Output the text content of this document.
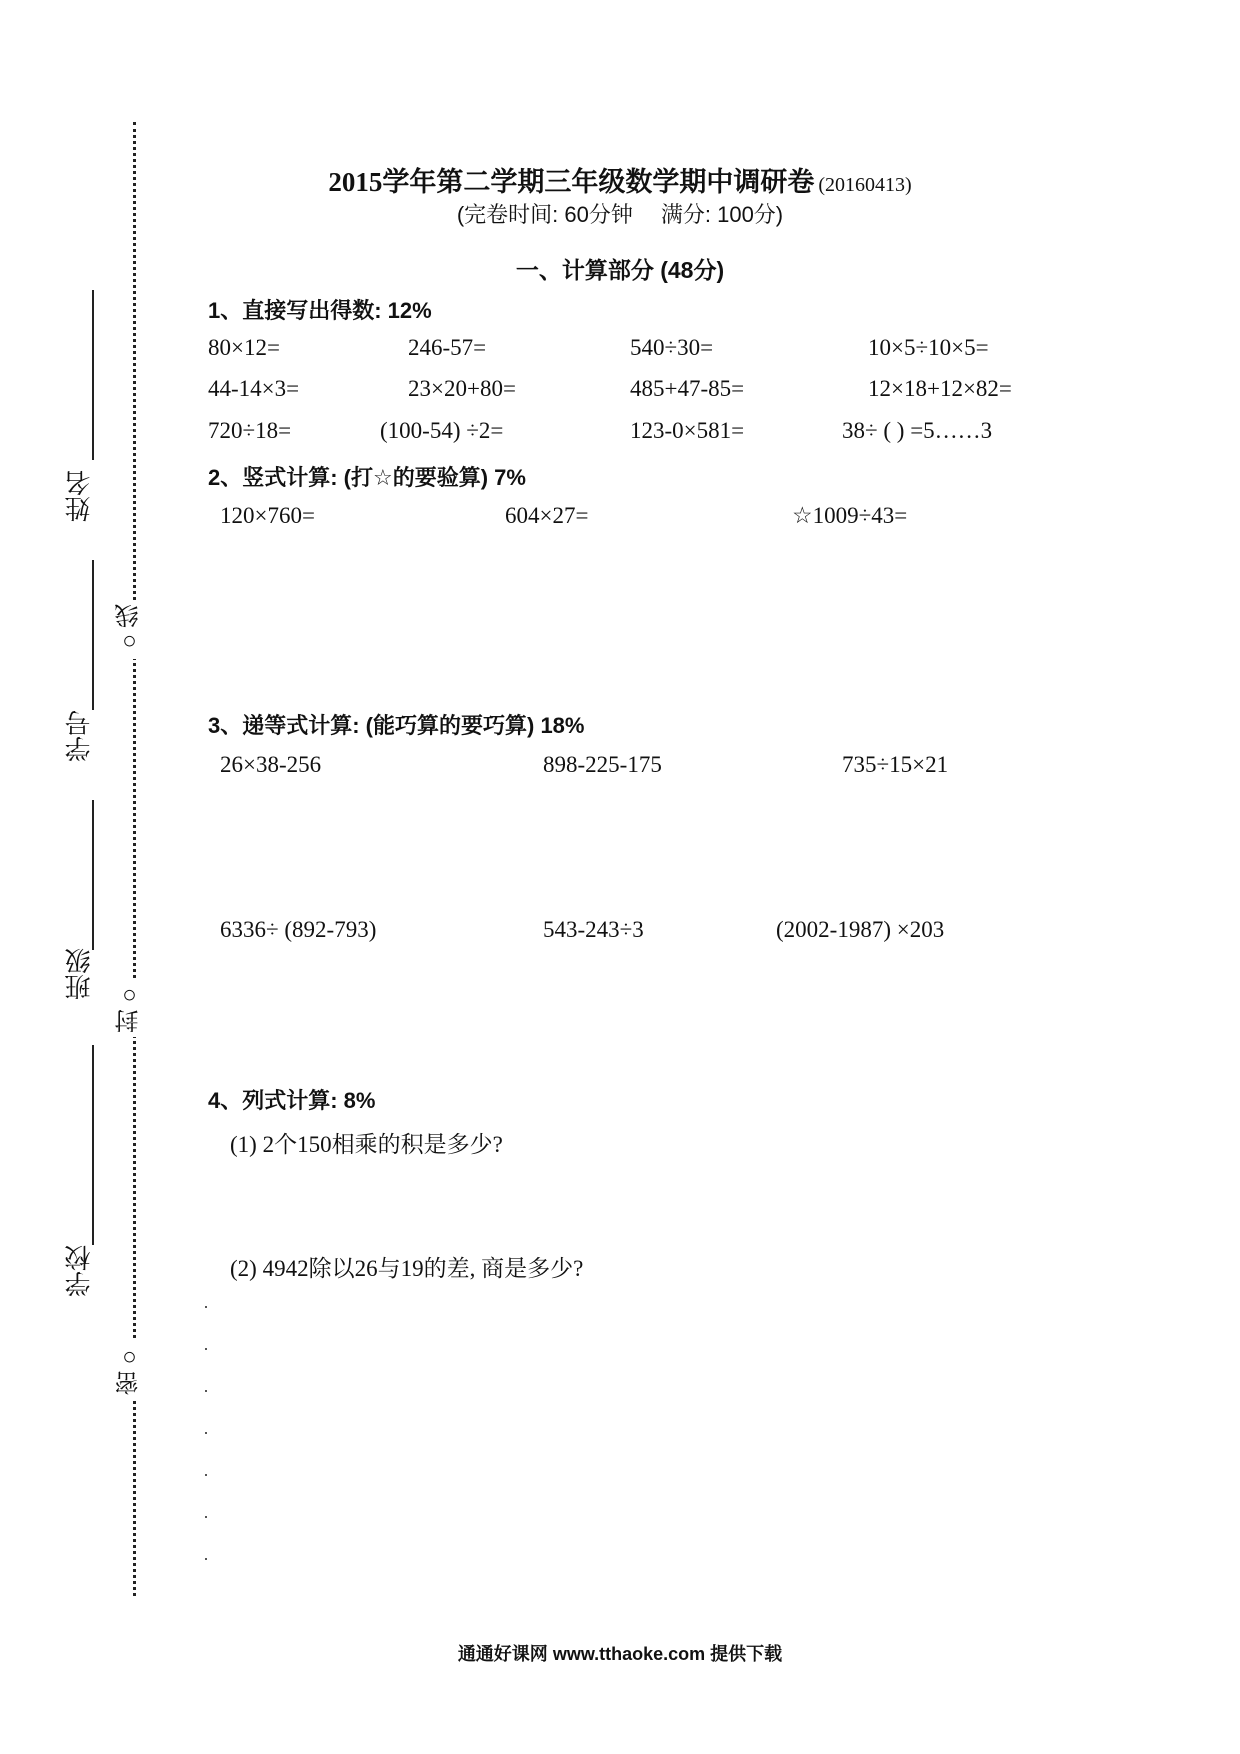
姓名
学号
班级
学校
○线
封○
密○
2015学年第二学期三年级数学期中调研卷 (20160413)
(完卷时间: 60分钟 满分: 100分)
一、计算部分 (48分)
1、直接写出得数: 12%
80×12=	246-57=	540÷30=	10×5÷10×5=
44-14×3=	23×20+80=	485+47-85=	12×18+12×82=
720÷18=	(100-54) ÷2=	123-0×581=	38÷ ( ) =5……3
2、竖式计算: (打☆的要验算) 7%
120×760=	604×27=	☆1009÷43=
3、递等式计算: (能巧算的要巧算) 18%
26×38-256	898-225-175	735÷15×21
6336÷ (892-793)	543-243÷3	(2002-1987) ×203
4、列式计算: 8%
(1) 2个150相乘的积是多少?
(2) 4942除以26与19的差, 商是多少?
通通好课网 www.tthaoke.com 提供下载
